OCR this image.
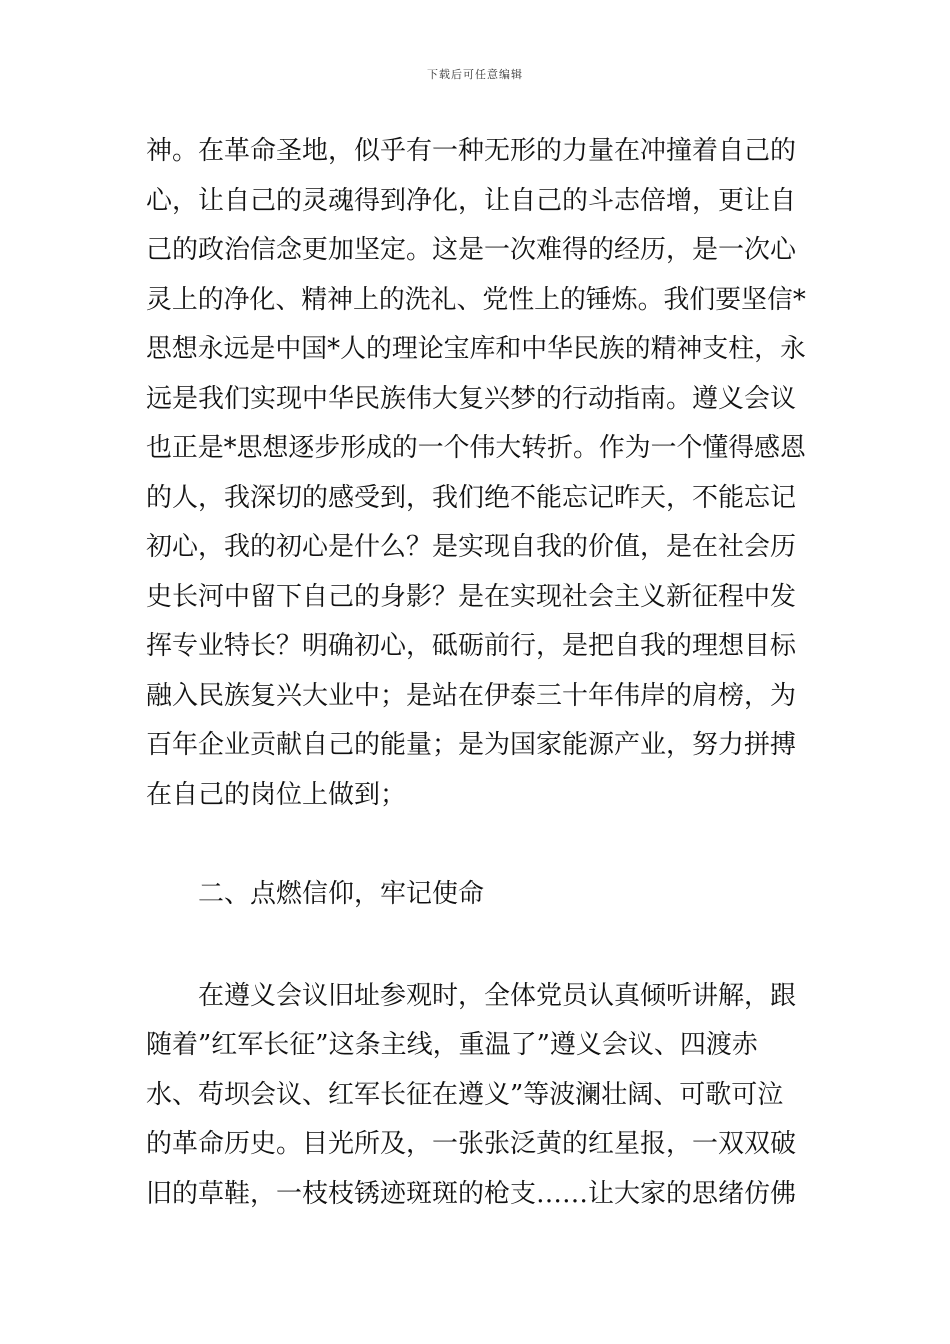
下载后可任意编辑
神。在革命圣地，似乎有一种无形的力量在冲撞着自己的
心，让自己的灵魂得到净化，让自己的斗志倍增，更让自
己的政治信念更加坚定。这是一次难得的经历，是一次心
灵上的净化、精神上的洗礼、党性上的锤炼。我们要坚信*
思想永远是中国*人的理论宝库和中华民族的精神支柱，永
远是我们实现中华民族伟大复兴梦的行动指南。遵义会议
也正是*思想逐步形成的一个伟大转折。作为一个懂得感恩
的人，我深切的感受到，我们绝不能忘记昨天，不能忘记
初心，我的初心是什么？是实现自我的价值，是在社会历
史长河中留下自己的身影？是在实现社会主义新征程中发
挥专业特长？明确初心，砥砺前行，是把自我的理想目标
融入民族复兴大业中；是站在伊泰三十年伟岸的肩榜，为
百年企业贡献自己的能量；是为国家能源产业，努力拼搏
在自己的岗位上做到；
二、点燃信仰，牢记使命
在遵义会议旧址参观时，全体党员认真倾听讲解，跟
随着”红军长征”这条主线，重温了”遵义会议、四渡赤
水、苟坝会议、红军长征在遵义”等波澜壮阔、可歌可泣
的革命历史。目光所及，一张张泛黄的红星报，一双双破
旧的草鞋，一枝枝锈迹斑斑的枪支……让大家的思绪仿佛
